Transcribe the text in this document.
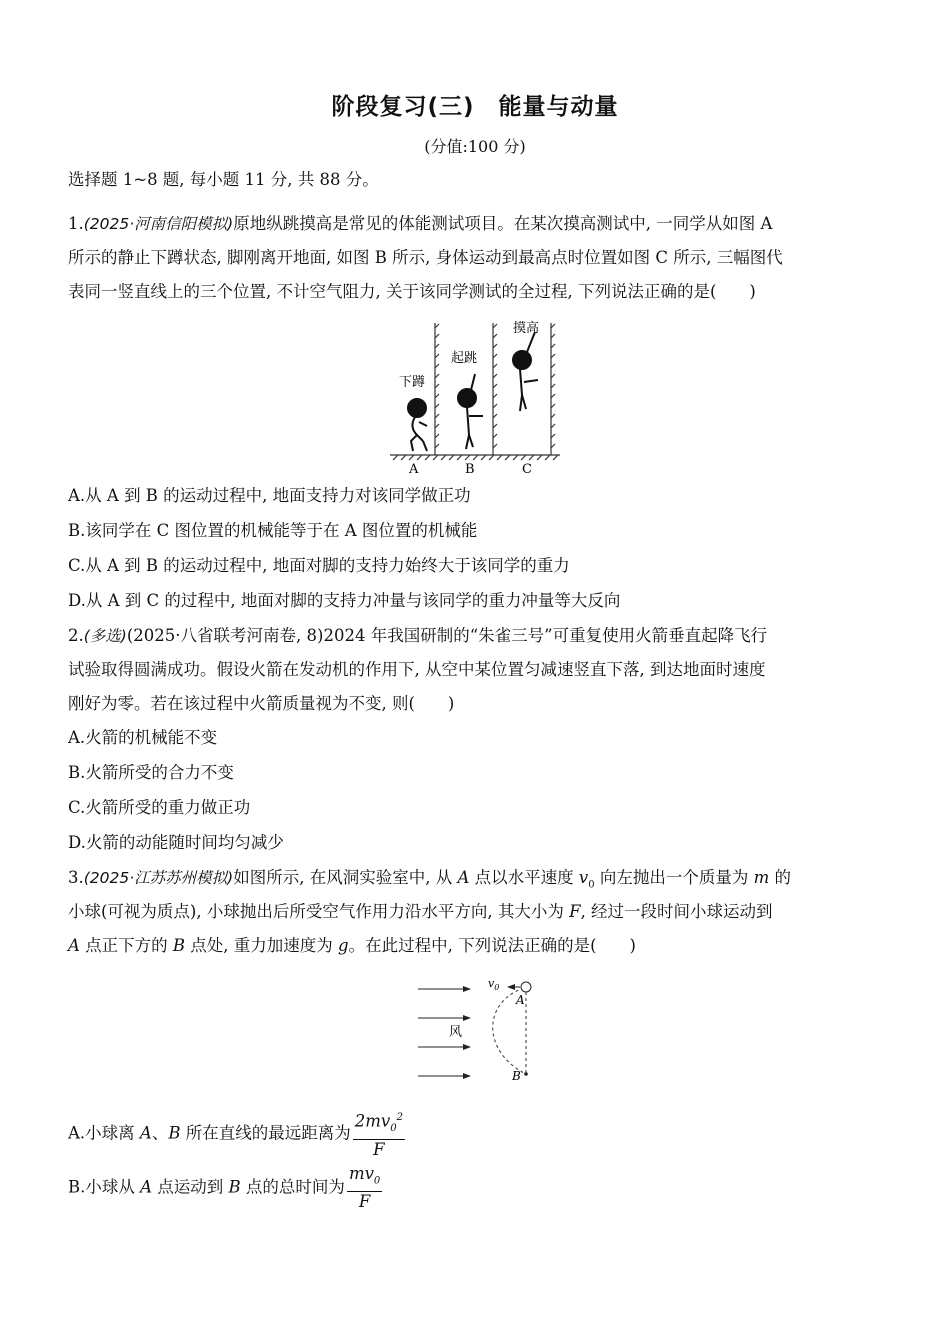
阶段复习(三)　能量与动量
(分值:100 分)
选择题 1~8 题, 每小题 11 分, 共 88 分。
1.(2025·河南信阳模拟)原地纵跳摸高是常见的体能测试项目。在某次摸高测试中, 一同学从如图 A
所示的静止下蹲状态, 脚刚离开地面, 如图 B 所示, 身体运动到最高点时位置如图 C 所示, 三幅图代
表同一竖直线上的三个位置, 不计空气阻力, 关于该同学测试的全过程, 下列说法正确的是(　　)
下蹲
起跳
摸高
A	B	C
A.从 A 到 B 的运动过程中, 地面支持力对该同学做正功
B.该同学在 C 图位置的机械能等于在 A 图位置的机械能
C.从 A 到 B 的运动过程中, 地面对脚的支持力始终大于该同学的重力
D.从 A 到 C 的过程中, 地面对脚的支持力冲量与该同学的重力冲量等大反向
2.(多选)(2025·八省联考河南卷, 8)2024 年我国研制的“朱雀三号”可重复使用火箭垂直起降飞行
试验取得圆满成功。假设火箭在发动机的作用下, 从空中某位置匀减速竖直下落, 到达地面时速度
刚好为零。若在该过程中火箭质量视为不变, 则(　　)
A.火箭的机械能不变
B.火箭所受的合力不变
C.火箭所受的重力做正功
D.火箭的动能随时间均匀减少
3.(2025·江苏苏州模拟)如图所示, 在风洞实验室中, 从 A 点以水平速度 $v_0$ 向左抛出一个质量为 m 的
小球(可视为质点), 小球抛出后所受空气作用力沿水平方向, 其大小为 F, 经过一段时间小球运动到
A 点正下方的 B 点处, 重力加速度为 g。在此过程中, 下列说法正确的是(　　)
风
$v_0$
A
B
A.小球离 A、B 所在直线的最远距离为 $\frac{2mv_0^2}{F}$
B.小球从 A 点运动到 B 点的总时间为 $\frac{mv_0}{F}$
